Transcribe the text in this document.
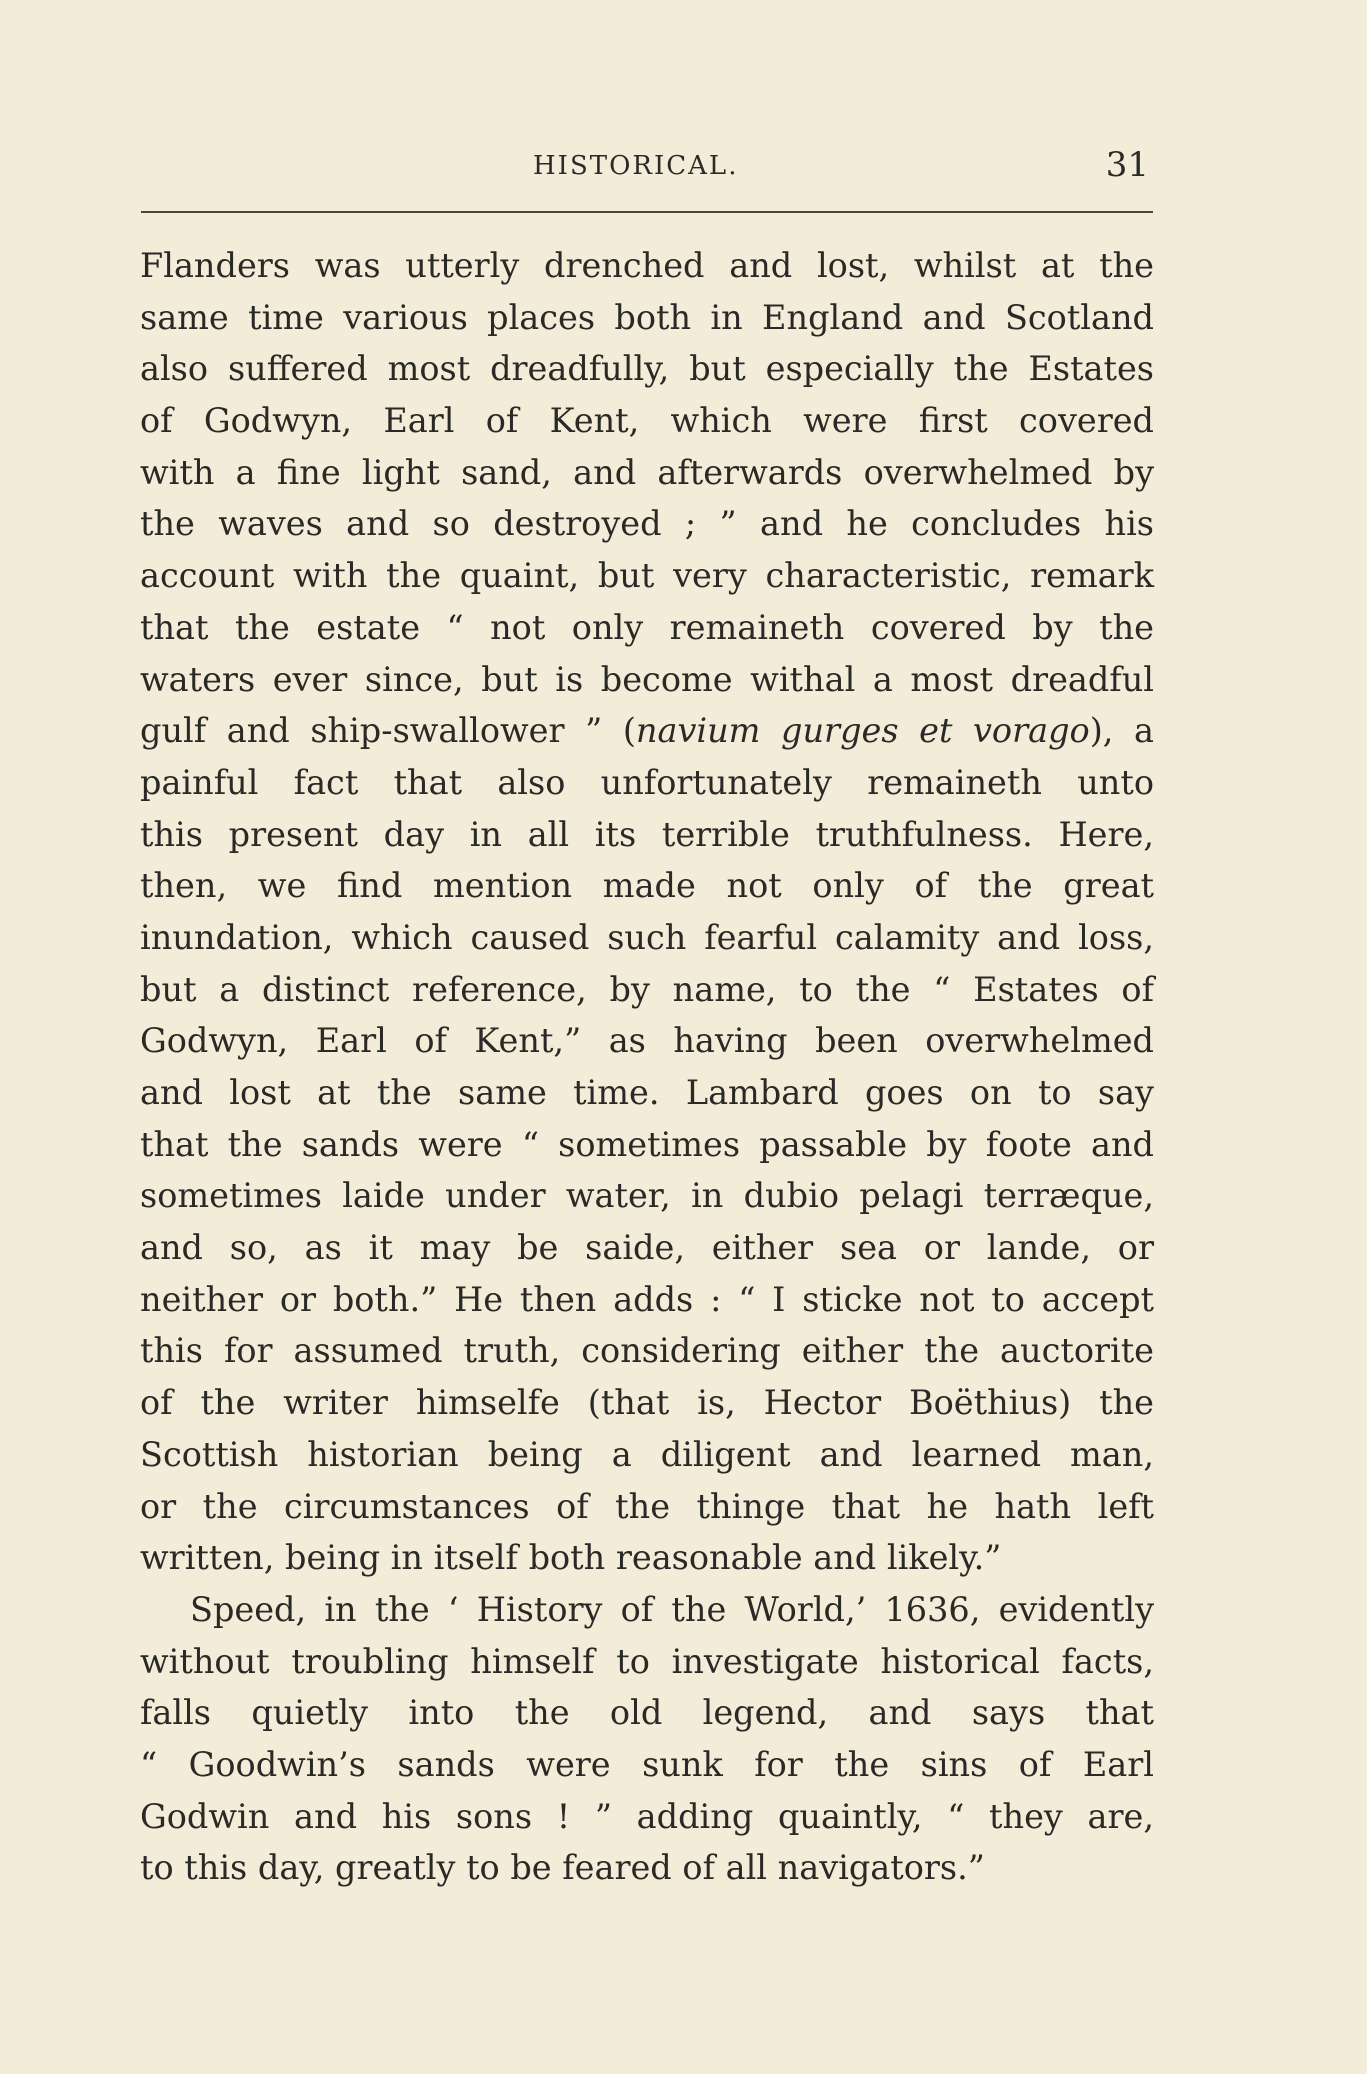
HISTORICAL.	31
Flanders was utterly drenched and lost, whilst at the
same time various places both in England and Scotland
also suffered most dreadfully, but especially the Estates
of Godwyn, Earl of Kent, which were first covered
with a fine light sand, and afterwards overwhelmed by
the waves and so destroyed ; ” and he concludes his
account with the quaint, but very characteristic, remark
that the estate “ not only remaineth covered by the
waters ever since, but is become withal a most dreadful
gulf and ship-swallower ” (navium gurges et vorago), a
painful fact that also unfortunately remaineth unto
this present day in all its terrible truthfulness. Here,
then, we find mention made not only of the great
inundation, which caused such fearful calamity and loss,
but a distinct reference, by name, to the “ Estates of
Godwyn, Earl of Kent,” as having been overwhelmed
and lost at the same time. Lambard goes on to say
that the sands were “ sometimes passable by foote and
sometimes laide under water, in dubio pelagi terræque,
and so, as it may be saide, either sea or lande, or
neither or both.” He then adds : “ I sticke not to accept
this for assumed truth, considering either the auctorite
of the writer himselfe (that is, Hector Boëthius) the
Scottish historian being a diligent and learned man,
or the circumstances of the thinge that he hath left
written, being in itself both reasonable and likely.”
Speed, in the ‘ History of the World,’ 1636, evidently
without troubling himself to investigate historical facts,
falls quietly into the old legend, and says that
“ Goodwin’s sands were sunk for the sins of Earl
Godwin and his sons ! ” adding quaintly, “ they are,
to this day, greatly to be feared of all navigators.”
